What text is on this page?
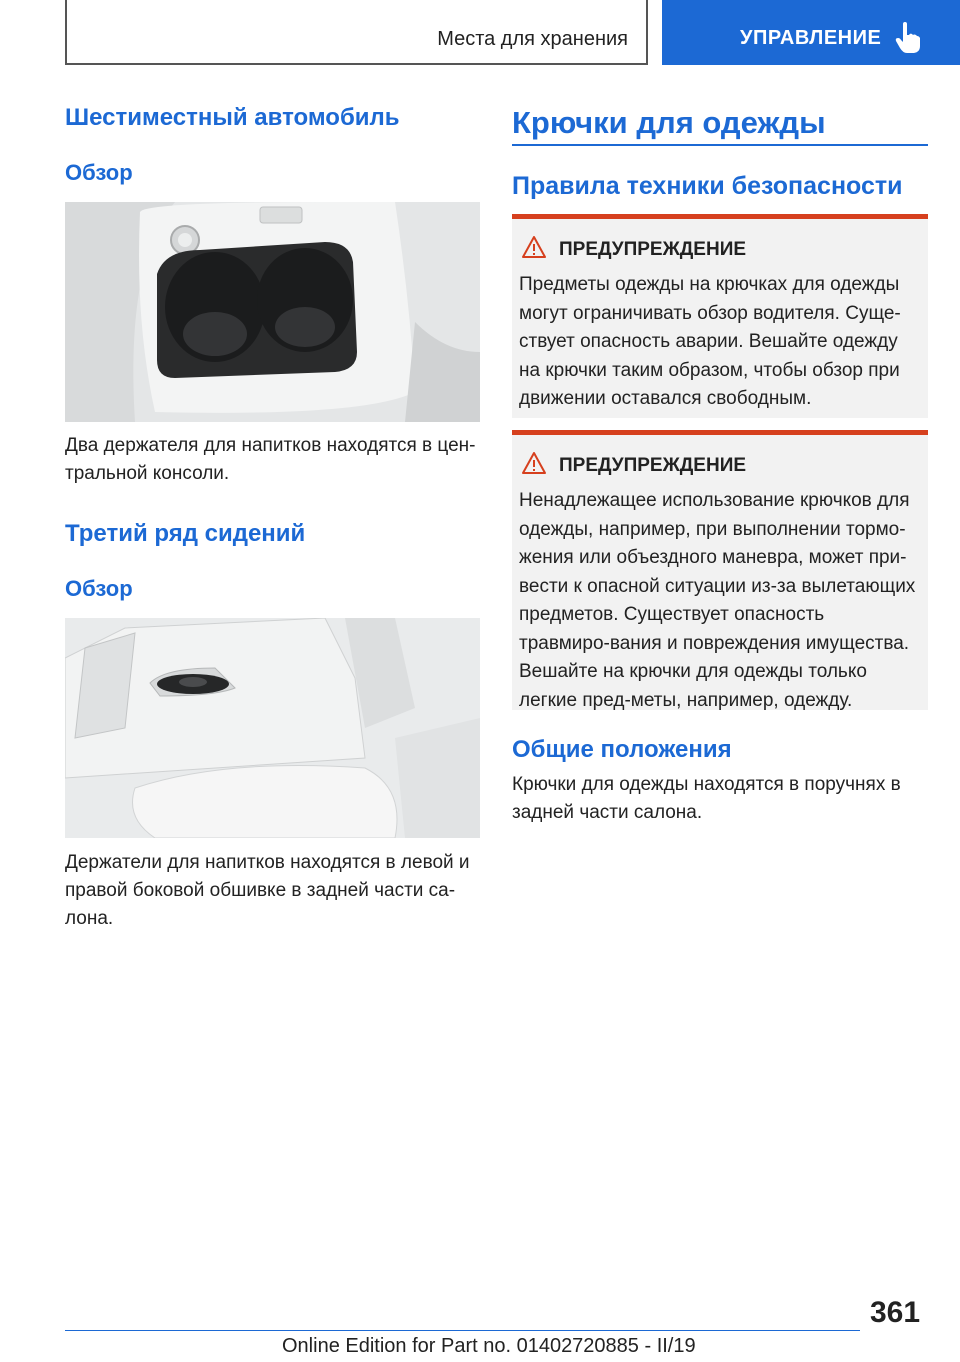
Места для хранения	УПРАВЛЕНИЕ
Шестиместный автомобиль
Обзор

Два держателя для напитков находятся в цен-тральной консоли.

Третий ряд сидений
Обзор

Держатели для напитков находятся в левой и правой боковой обшивке в задней части са-лона.

Крючки для одежды
Правила техники безопасности
ПРЕДУПРЕЖДЕНИЕ
Предметы одежды на крючках для одежды могут ограничивать обзор водителя. Суще-ствует опасность аварии. Вешайте одежду на крючки таким образом, чтобы обзор при движении оставался свободным.
ПРЕДУПРЕЖДЕНИЕ
Ненадлежащее использование крючков для одежды, например, при выполнении тормо-жения или объездного маневра, может при-вести к опасной ситуации из-за вылетающих предметов. Существует опасность травмиро-вания и повреждения имущества. Вешайте на крючки для одежды только легкие пред-меты, например, одежду.
Общие положения

Крючки для одежды находятся в поручнях в задней части салона.

361
Online Edition for Part no. 01402720885 - II/19
